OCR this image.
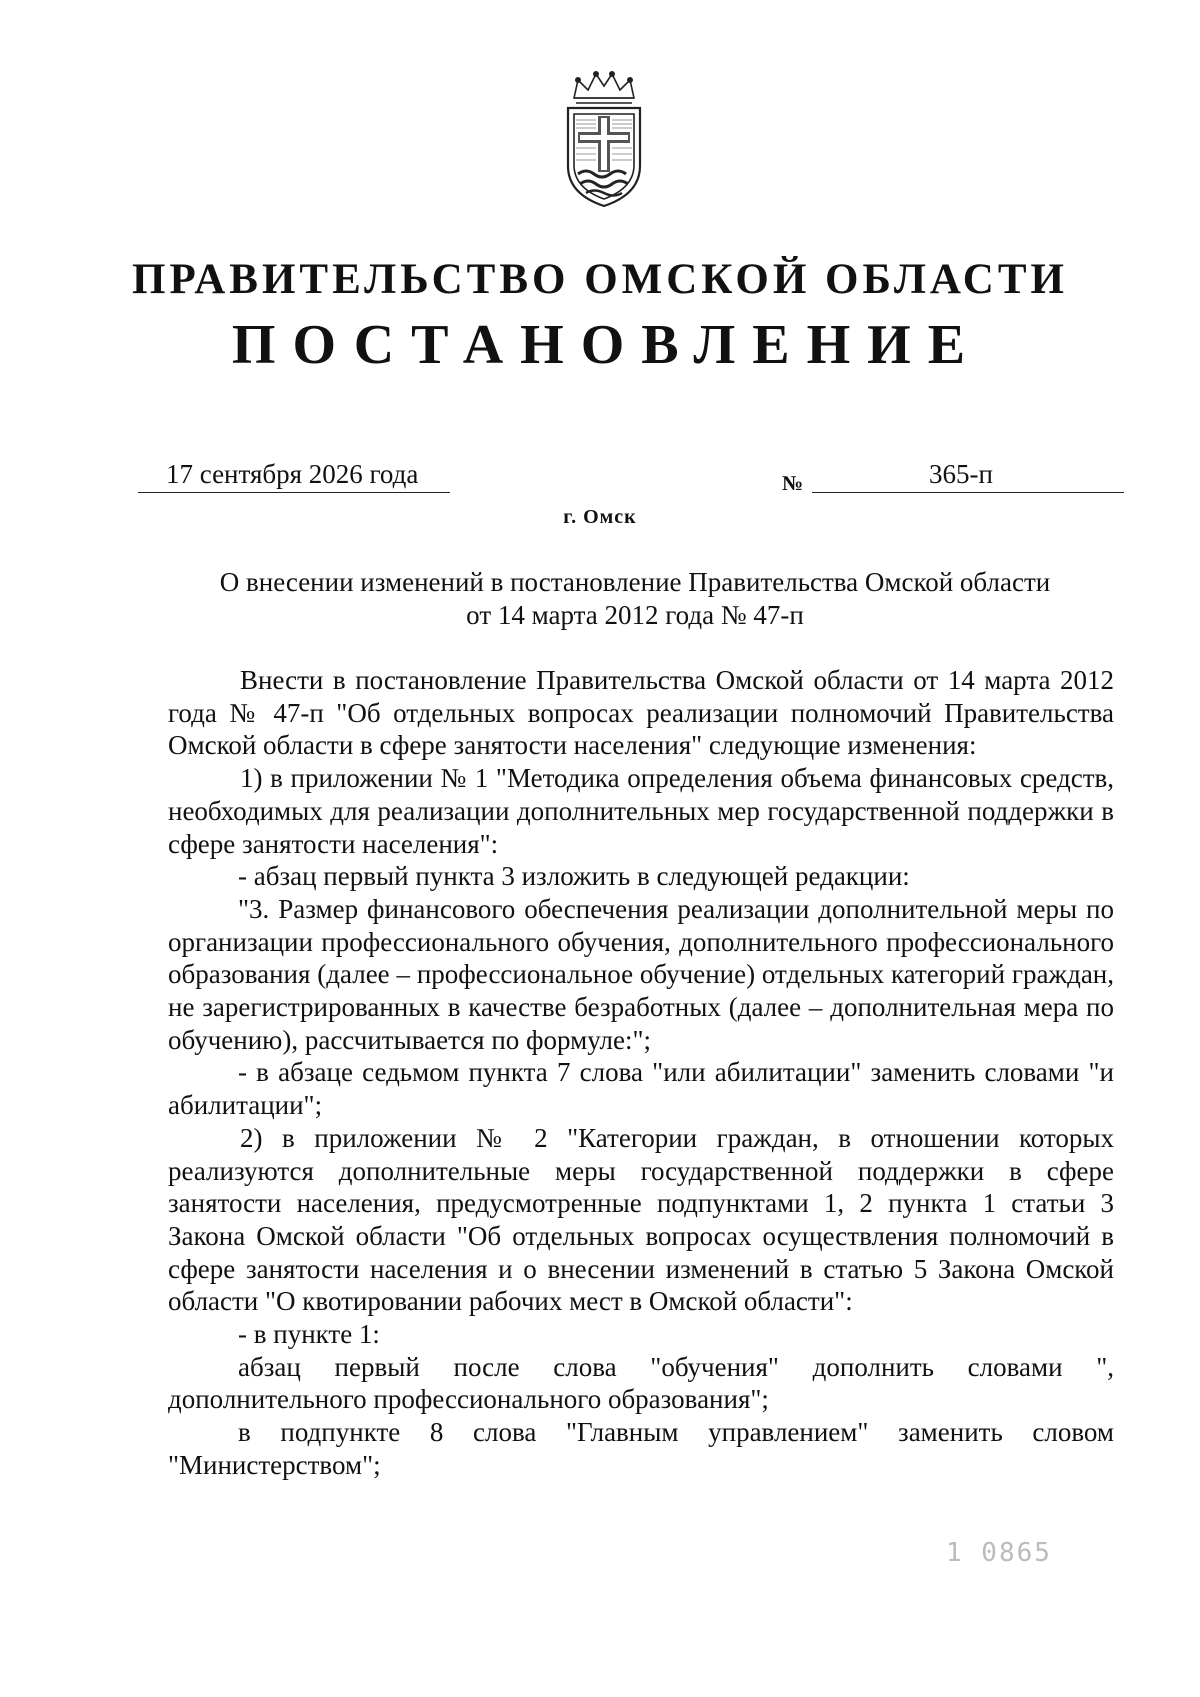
ПРАВИТЕЛЬСТВО ОМСКОЙ ОБЛАСТИ
ПОСТАНОВЛЕНИЕ
17 сентября 2026 года	№	365-п
г. Омск
О внесении изменений в постановление Правительства Омской области
от 14 марта 2012 года № 47-п

Внести в постановление Правительства Омской области от 14 марта 2012 года № 47-п "Об отдельных вопросах реализации полномочий Правительства Омской области в сфере занятости населения" следующие изменения:

1) в приложении № 1 "Методика определения объема финансовых средств, необходимых для реализации дополнительных мер государственной поддержки в сфере занятости населения":

- абзац первый пункта 3 изложить в следующей редакции:

"3. Размер финансового обеспечения реализации дополнительной меры по организации профессионального обучения, дополнительного профессионального образования (далее – профессиональное обучение) отдельных категорий граждан, не зарегистрированных в качестве безработных (далее – дополнительная мера по обучению), рассчитывается по формуле:";

- в абзаце седьмом пункта 7 слова "или абилитации" заменить словами "и абилитации";

2) в приложении № 2 "Категории граждан, в отношении которых реализуются дополнительные меры государственной поддержки в сфере занятости населения, предусмотренные подпунктами 1, 2 пункта 1 статьи 3 Закона Омской области "Об отдельных вопросах осуществления полномочий в сфере занятости населения и о внесении изменений в статью 5 Закона Омской области "О квотировании рабочих мест в Омской области":

- в пункте 1:

абзац первый после слова "обучения" дополнить словами ", дополнительного профессионального образования";

в подпункте 8 слова "Главным управлением" заменить словом "Министерством";

1 0865
